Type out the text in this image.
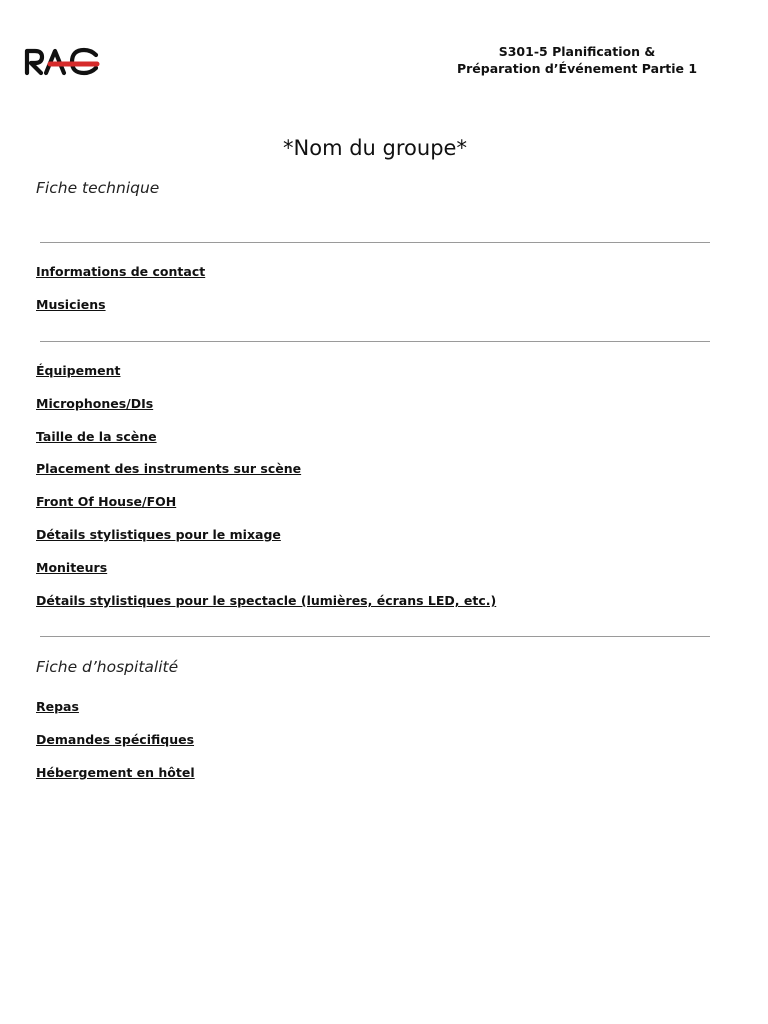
S301-5 Planification &
Préparation d’Événement Partie 1
*Nom du groupe*
Fiche technique
Informations de contact
Musiciens
Équipement
Microphones/DIs
Taille de la scène
Placement des instruments sur scène
Front Of House/FOH
Détails stylistiques pour le mixage
Moniteurs
Détails stylistiques pour le spectacle (lumières, écrans LED, etc.)
Fiche d’hospitalité
Repas
Demandes spécifiques
Hébergement en hôtel
